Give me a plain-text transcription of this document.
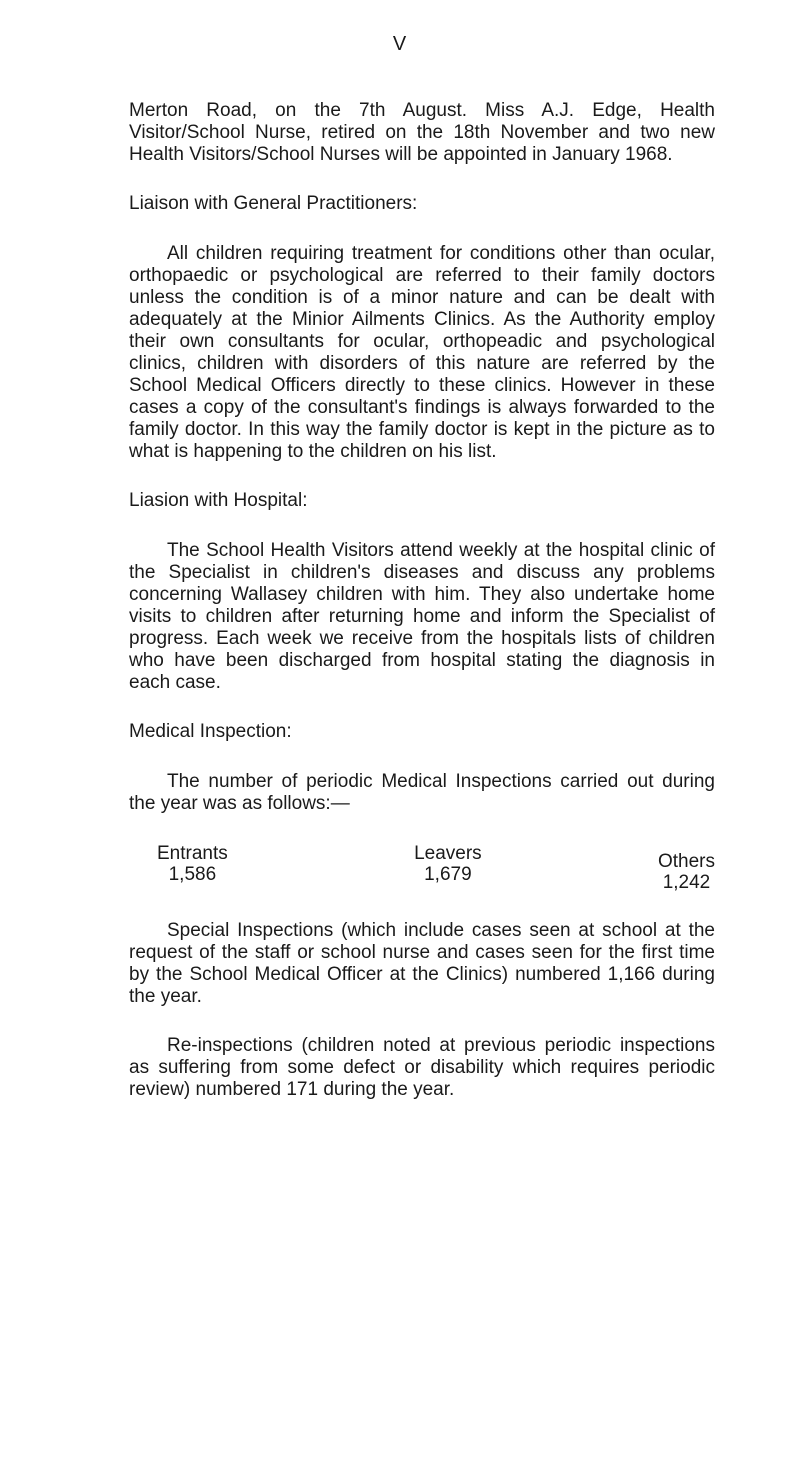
V

Merton Road, on the 7th August. Miss A.J. Edge, Health Visitor/School Nurse, retired on the 18th November and two new Health Visitors/School Nurses will be appointed in January 1968.

Liaison with General Practitioners:

All children requiring treatment for conditions other than ocular, orthopaedic or psychological are referred to their family doctors unless the condition is of a minor nature and can be dealt with adequately at the Minior Ailments Clinics. As the Authority employ their own consultants for ocular, orthopeadic and psychological clinics, children with disorders of this nature are referred by the School Medical Officers directly to these clinics. However in these cases a copy of the consultant's findings is always forwarded to the family doctor. In this way the family doctor is kept in the picture as to what is happening to the children on his list.

Liasion with Hospital:

The School Health Visitors attend weekly at the hospital clinic of the Specialist in children's diseases and discuss any problems concerning Wallasey children with him. They also undertake home visits to children after returning home and inform the Specialist of progress. Each week we receive from the hospitals lists of children who have been discharged from hospital stating the diagnosis in each case.

Medical Inspection:

The number of periodic Medical Inspections carried out during the year was as follows:—

Entrants
1,586
Leavers
1,679
Others
1,242

Special Inspections (which include cases seen at school at the request of the staff or school nurse and cases seen for the first time by the School Medical Officer at the Clinics) numbered 1,166 during the year.

Re-inspections (children noted at previous periodic inspections as suffering from some defect or disability which requires periodic review) numbered 171 during the year.
